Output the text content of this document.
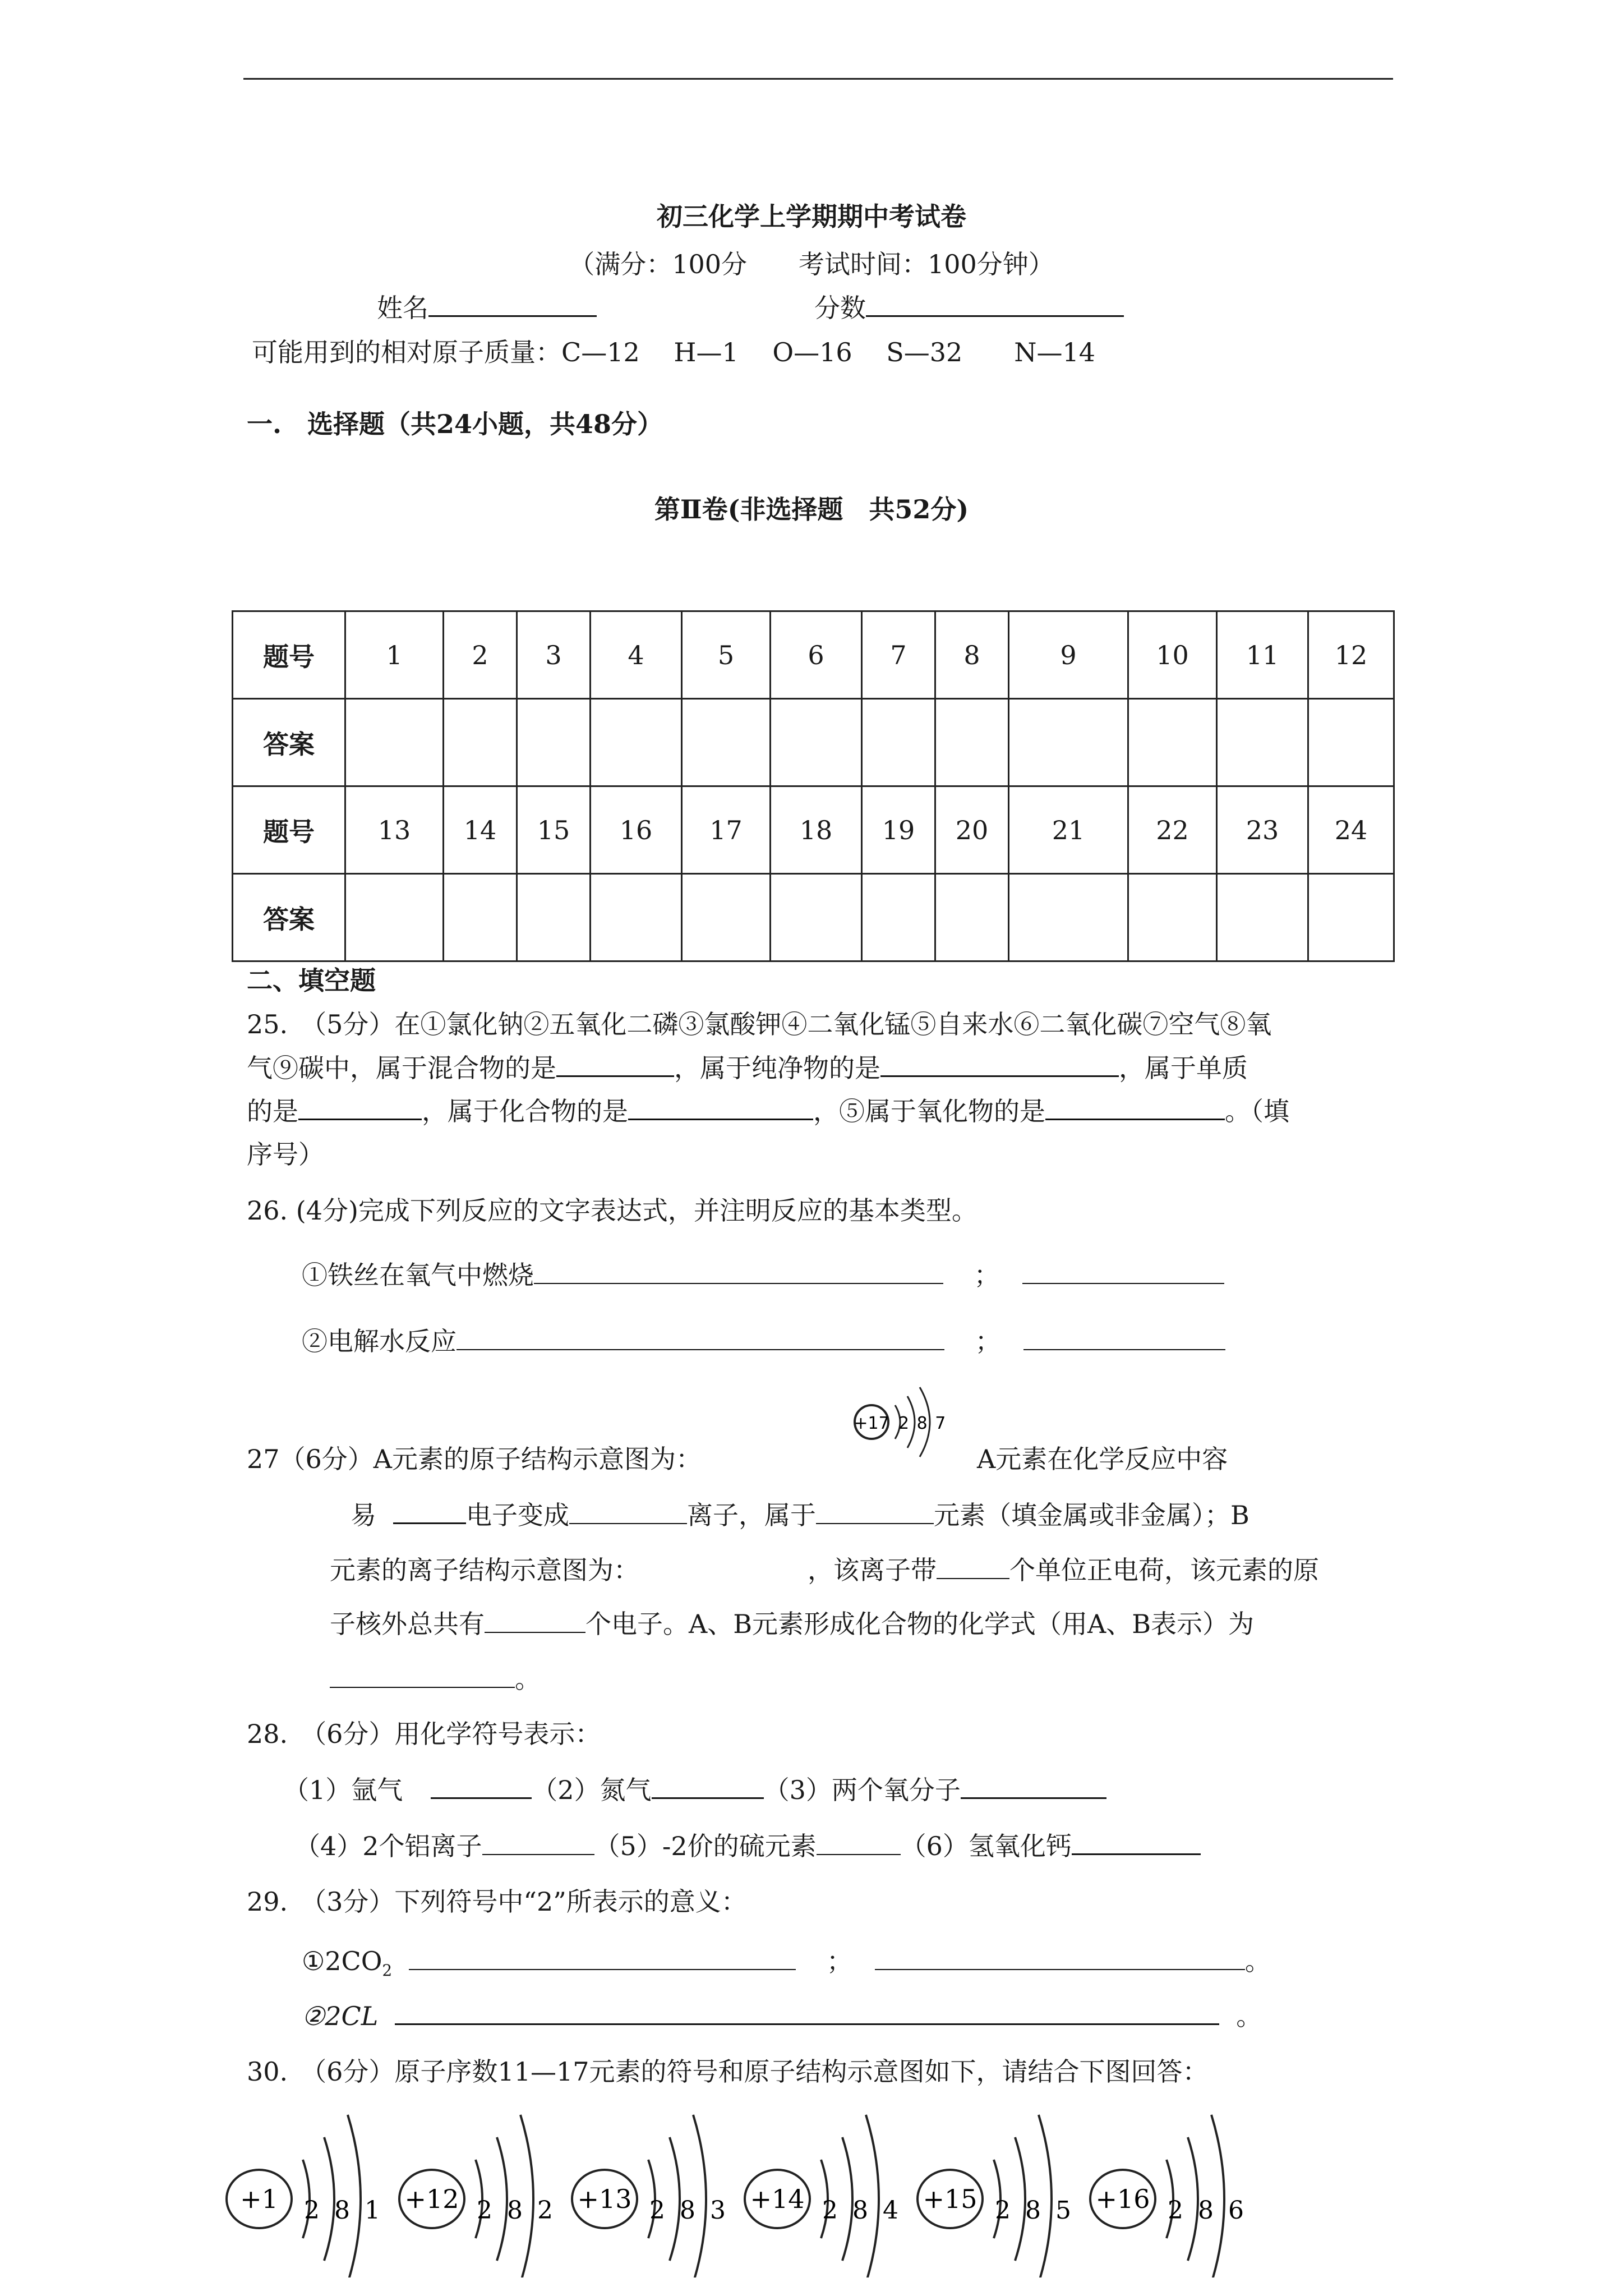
初三化学上学期期中考试卷
（满分：100分　　考试时间：100分钟）
姓名	分数
可能用到的相对原子质量：C—12　 H—1　 O—16　 S—32　　N—14
一.　选择题（共24小题，共48分）
第Ⅱ卷(非选择题　共52分)
题号	1	2	3	4	5	6	7	8	9	10	11	12
答案												
题号	13	14	15	16	17	18	19	20	21	22	23	24
答案												
二、填空题
25.　（5分）在①氯化钠②五氧化二磷③氯酸钾④二氧化锰⑤自来水⑥二氧化碳⑦空气⑧氧
气⑨碳中，属于混合物的是	，属于纯净物的是	，属于单质
的是	，属于化合物的是	，⑤属于氧化物的是	。（填
序号）
26. (4分)完成下列反应的文字表达式，并注明反应的基本类型。
①铁丝在氧气中燃烧	；
②电解水反应	；
27（6分）A元素的原子结构示意图为：
+17 2 8 7
A元素在化学反应中容
易	电子变成	离子，属于	元素（填金属或非金属）；B
元素的离子结构示意图为：	，该离子带	个单位正电荷，该元素的原
子核外总共有	个电子。A、B元素形成化合物的化学式（用A、B表示）为
。
28.　（6分）用化学符号表示：
（1）氩气	（2）氮气	（3）两个氧分子
（4）2个铝离子	（5）-2价的硫元素	（6）氢氧化钙
29.　（3分）下列符号中“2”所表示的意义：
$①2CO_2$	；	。
②2CL	。
30.　（6分）原子序数11—17元素的符号和原子结构示意图如下，请结合下图回答：
+1 2 8 1 +12 2 8 2 +13 2 8 3 +14 2 8 4 +15 2 8 5 +16 2 8 6
